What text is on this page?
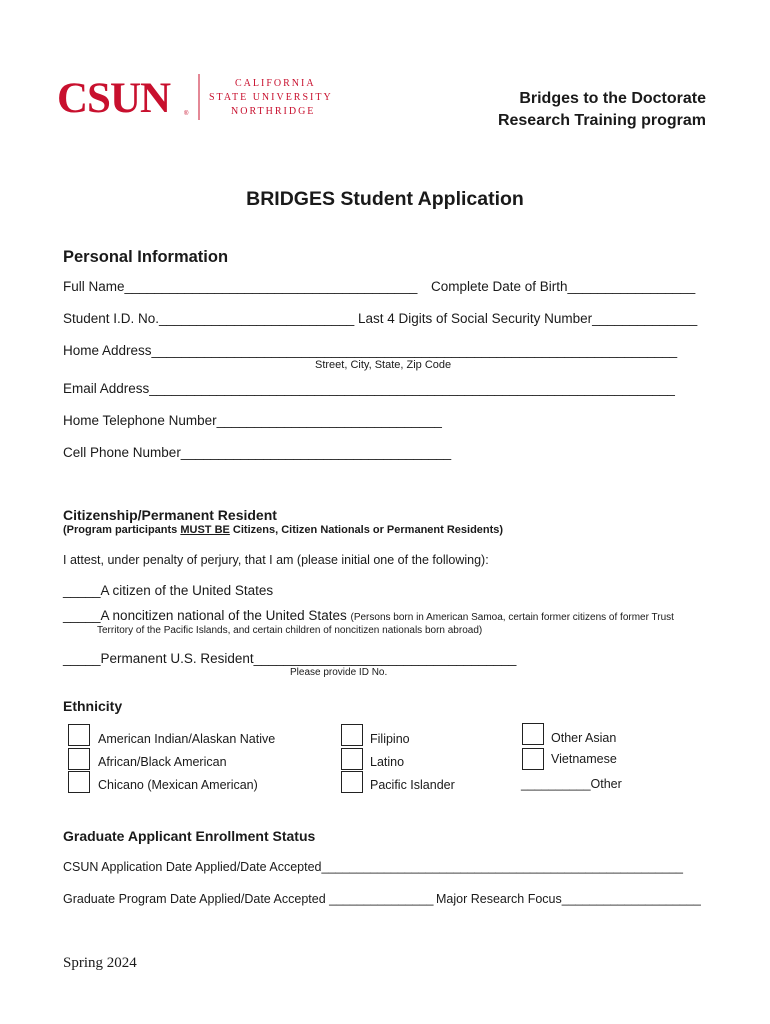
CSUN ®
CALIFORNIA
STATE UNIVERSITY
NORTHRIDGE
Bridges to the Doctorate
Research Training program
BRIDGES Student Application
Personal Information
Full Name_______________________________________ Complete Date of Birth_________________
Student I.D. No.__________________________ Last 4 Digits of Social Security Number______________
Home Address______________________________________________________________________
Street, City, State, Zip Code
Email Address______________________________________________________________________
Home Telephone Number______________________________
Cell Phone Number____________________________________
Citizenship/Permanent Resident
(Program participants MUST BE Citizens, Citizen Nationals or Permanent Residents)
I attest, under penalty of perjury, that I am (please initial one of the following):
_____A citizen of the United States
_____A noncitizen national of the United States (Persons born in American Samoa, certain former citizens of former Trust
Territory of the Pacific Islands, and certain children of noncitizen nationals born abroad)
_____Permanent U.S. Resident___________________________________
Please provide ID No.
Ethnicity
American Indian/Alaskan Native
African/Black American
Chicano (Mexican American)
Filipino
Latino
Pacific Islander
Other Asian
Vietnamese
__________Other
Graduate Applicant Enrollment Status
CSUN Application Date Applied/Date Accepted____________________________________________________
Graduate Program Date Applied/Date Accepted _______________ Major Research Focus____________________
Spring 2024
